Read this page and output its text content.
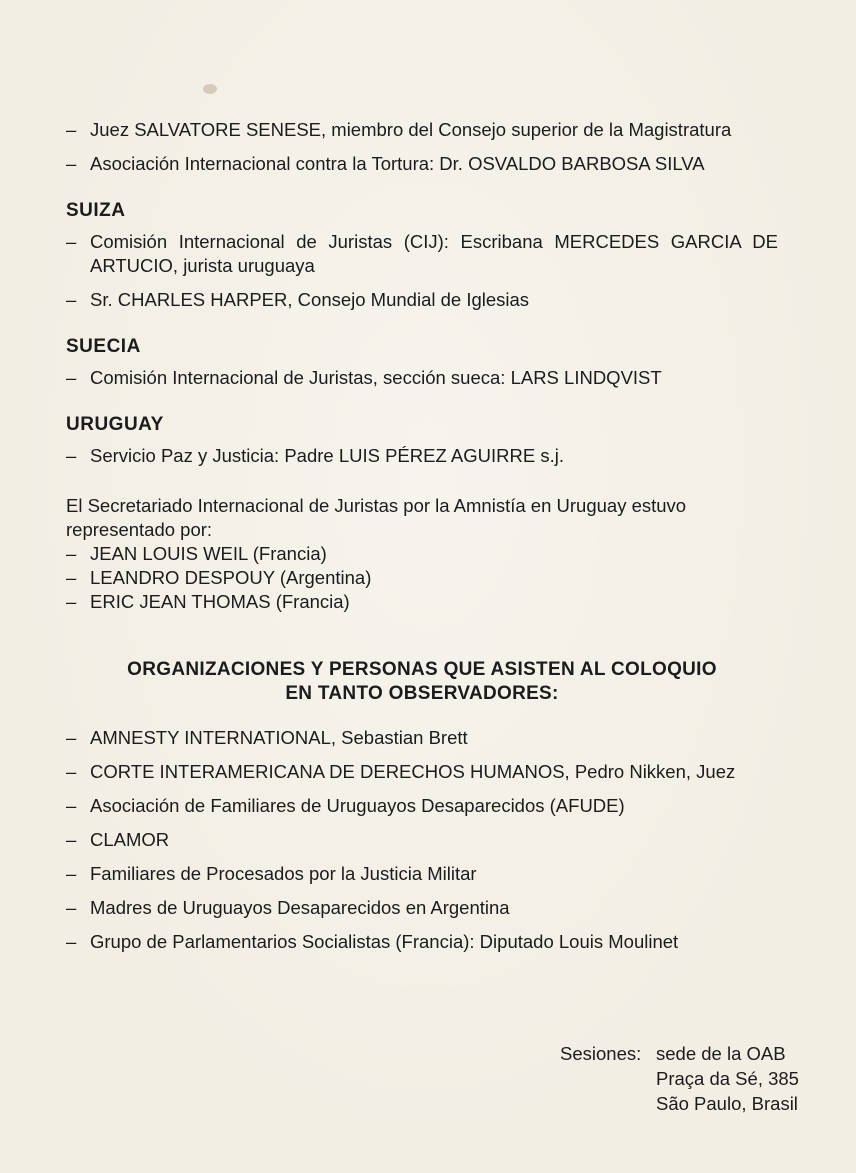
– Juez SALVATORE SENESE, miembro del Consejo superior de la Magistratura
– Asociación Internacional contra la Tortura: Dr. OSVALDO BARBOSA SILVA
SUIZA
– Comisión Internacional de Juristas (CIJ): Escribana MERCEDES GARCIA DE ARTUCIO, jurista uruguaya
– Sr. CHARLES HARPER, Consejo Mundial de Iglesias
SUECIA
– Comisión Internacional de Juristas, sección sueca: LARS LINDQVIST
URUGUAY
– Servicio Paz y Justicia: Padre LUIS PÉREZ AGUIRRE s.j.
El Secretariado Internacional de Juristas por la Amnistía en Uruguay estuvo representado por:
– JEAN LOUIS WEIL (Francia)
– LEANDRO DESPOUY (Argentina)
– ERIC JEAN THOMAS (Francia)
ORGANIZACIONES Y PERSONAS QUE ASISTEN AL COLOQUIO
EN TANTO OBSERVADORES:
– AMNESTY INTERNATIONAL, Sebastian Brett
– CORTE INTERAMERICANA DE DERECHOS HUMANOS, Pedro Nikken, Juez
– Asociación de Familiares de Uruguayos Desaparecidos (AFUDE)
– CLAMOR
– Familiares de Procesados por la Justicia Militar
– Madres de Uruguayos Desaparecidos en Argentina
– Grupo de Parlamentarios Socialistas (Francia): Diputado Louis Moulinet
Sesiones: sede de la OAB
Praça da Sé, 385
São Paulo, Brasil
